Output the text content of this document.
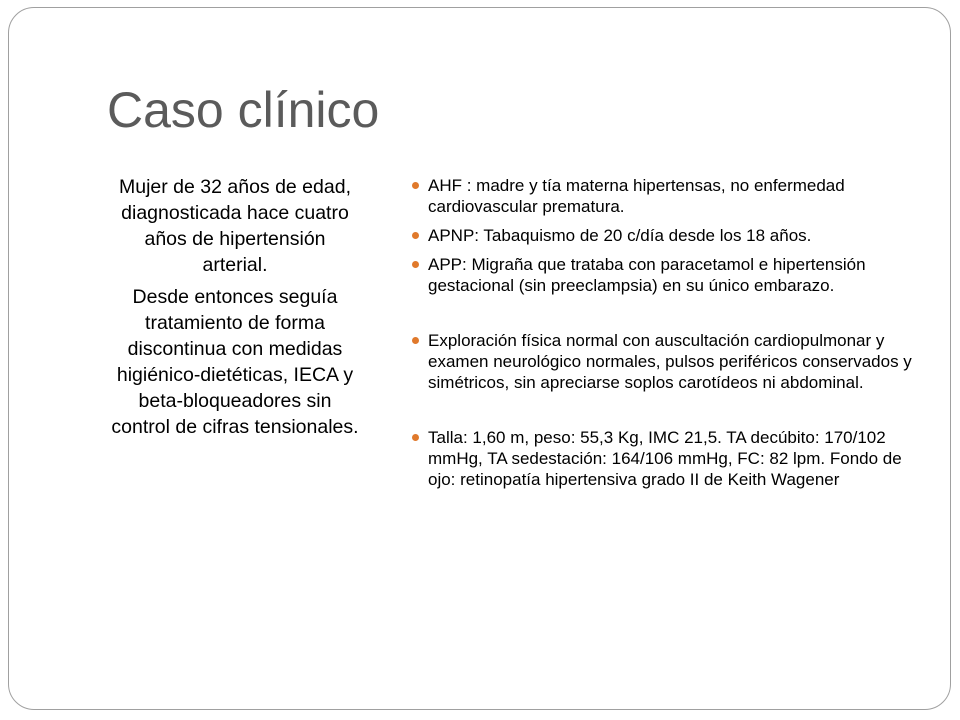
Caso clínico

Mujer de 32 años de edad, diagnosticada hace cuatro años de hipertensión arterial.

Desde entonces seguía tratamiento de forma discontinua con medidas higiénico-dietéticas, IECA y beta-bloqueadores sin control de cifras tensionales.

AHF : madre y tía materna hipertensas, no enfermedad cardiovascular prematura.
APNP: Tabaquismo de 20 c/día desde los 18 años.
APP: Migraña que trataba con paracetamol e hipertensión gestacional (sin preeclampsia) en su único embarazo.
Exploración física normal con auscultación cardiopulmonar y examen neurológico normales, pulsos periféricos conservados y simétricos, sin apreciarse soplos carotídeos ni abdominal.
Talla: 1,60 m, peso: 55,3 Kg, IMC 21,5. TA decúbito: 170/102 mmHg, TA sedestación: 164/106 mmHg, FC: 82 lpm. Fondo de ojo: retinopatía hipertensiva grado II de Keith Wagener
